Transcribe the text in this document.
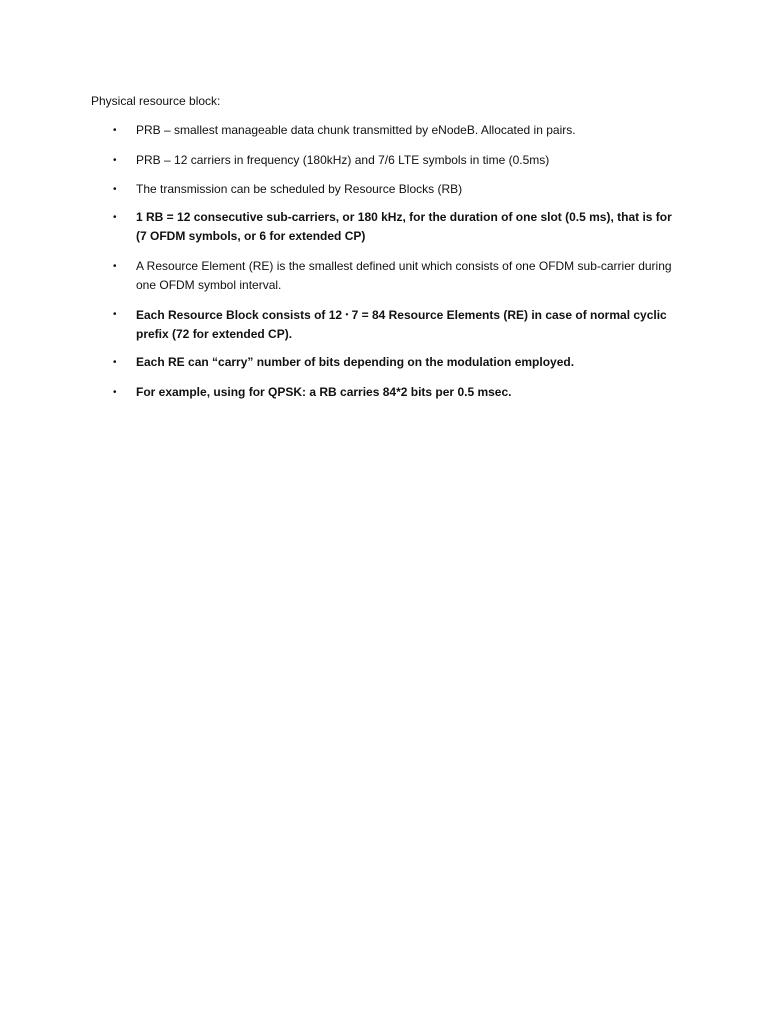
Physical resource block:
• PRB – smallest manageable data chunk transmitted by eNodeB. Allocated in pairs.
• PRB – 12 carriers in frequency (180kHz) and 7/6 LTE symbols in time (0.5ms)
• The transmission can be scheduled by Resource Blocks (RB)
• 1 RB = 12 consecutive sub-carriers, or 180 kHz, for the duration of one slot (0.5 ms), that is for (7 OFDM symbols, or 6 for extended CP)
• A Resource Element (RE) is the smallest defined unit which consists of one OFDM sub-carrier during one OFDM symbol interval.
• Each Resource Block consists of 12 • 7 = 84 Resource Elements (RE) in case of normal cyclic prefix (72 for extended CP).
• Each RE can “carry” number of bits depending on the modulation employed.
• For example, using for QPSK: a RB carries 84*2 bits per 0.5 msec.
